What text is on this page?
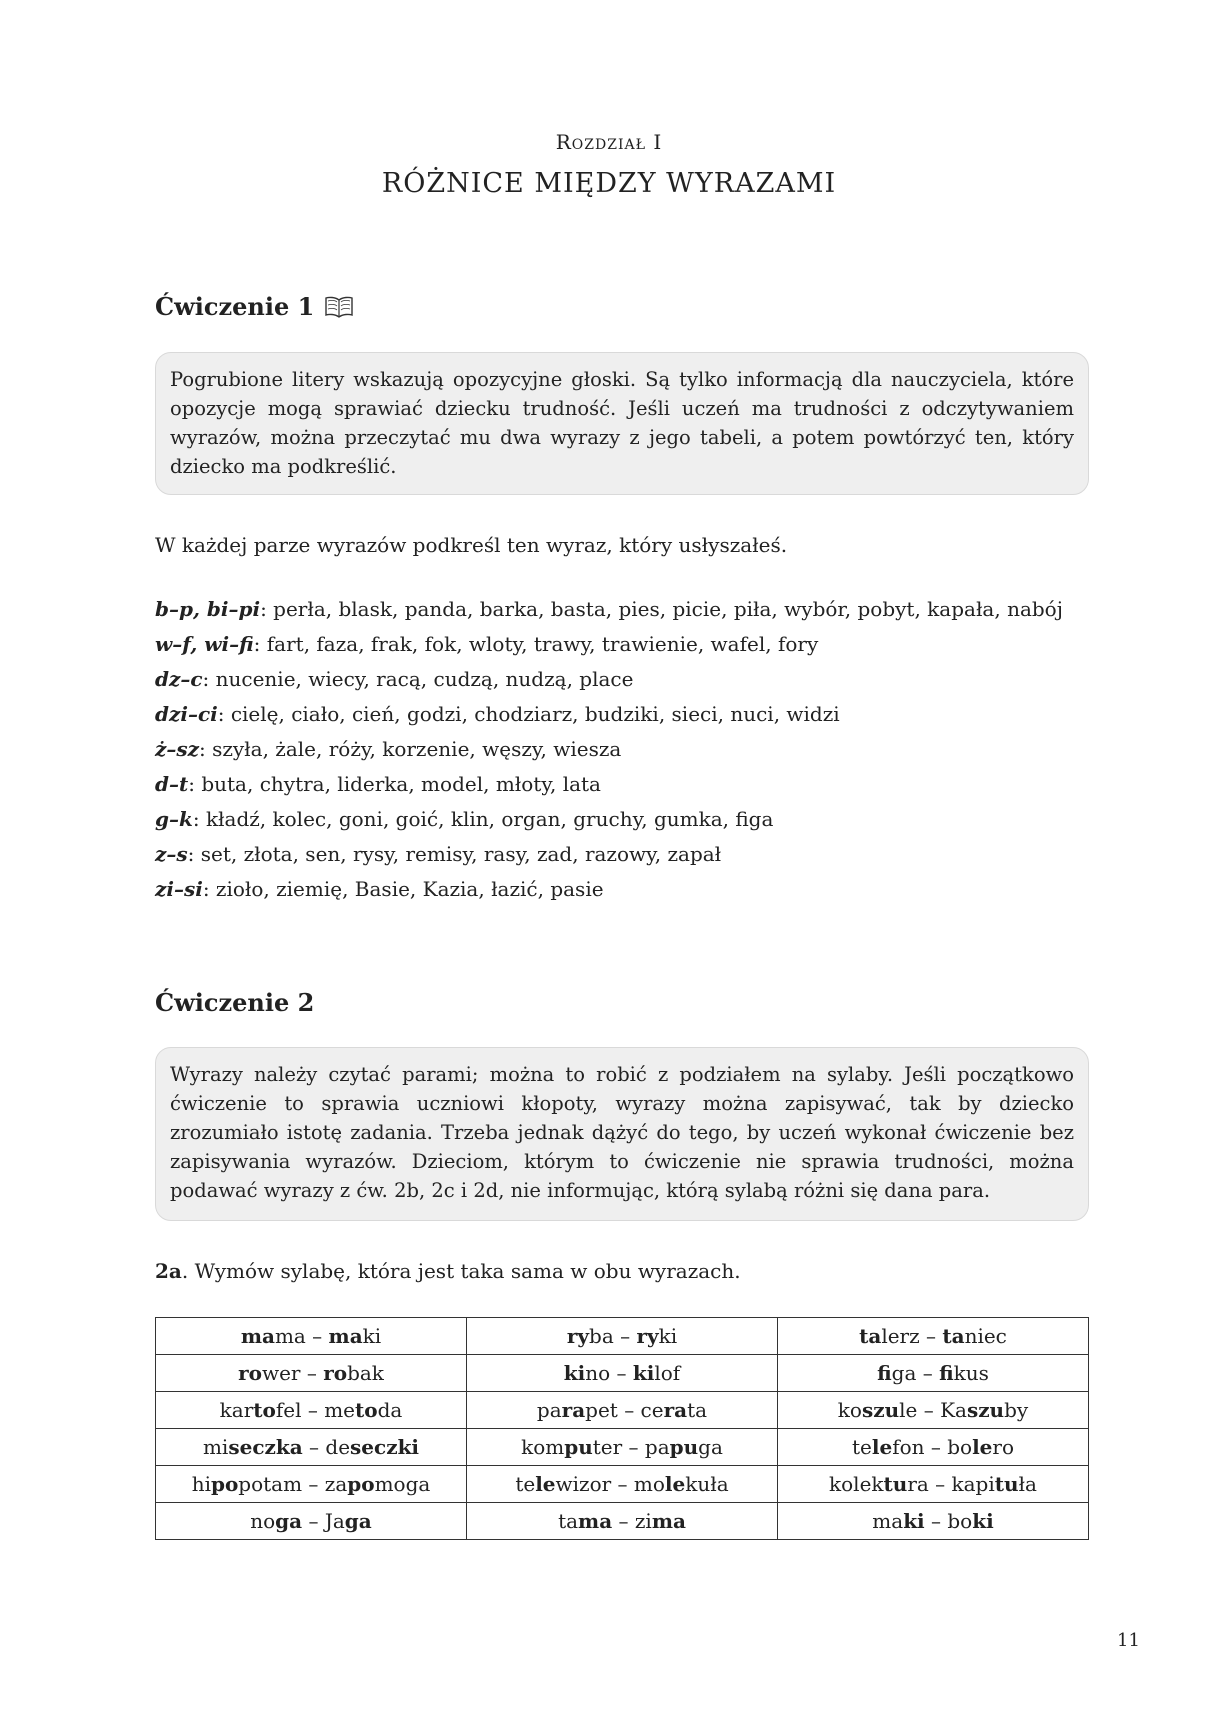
Rozdział I
RÓŻNICE MIĘDZY WYRAZAMI
Ćwiczenie 1
Pogrubione litery wskazują opozycyjne głoski. Są tylko informacją dla nauczyciela, które opozycje mogą sprawiać dziecku trudność. Jeśli uczeń ma trudności z odczytywaniem wyrazów, można przeczytać mu dwa wyrazy z jego tabeli, a potem powtórzyć ten, który dziecko ma podkreślić.
W każdej parze wyrazów podkreśl ten wyraz, który usłyszałeś.
b–p, bi–pi: perła, blask, panda, barka, basta, pies, picie, piła, wybór, pobyt, kapała, nabój
w–f, wi–fi: fart, faza, frak, fok, wloty, trawy, trawienie, wafel, fory
dz–c: nucenie, wiecy, racą, cudzą, nudzą, place
dzi–ci: cielę, ciało, cień, godzi, chodziarz, budziki, sieci, nuci, widzi
ż–sz: szyła, żale, róży, korzenie, węszy, wiesza
d–t: buta, chytra, liderka, model, młoty, lata
g–k: kładź, kolec, goni, goić, klin, organ, gruchy, gumka, figa
z–s: set, złota, sen, rysy, remisy, rasy, zad, razowy, zapał
zi–si: zioło, ziemię, Basie, Kazia, łazić, pasie
Ćwiczenie 2
Wyrazy należy czytać parami; można to robić z podziałem na sylaby. Jeśli początkowo ćwiczenie to sprawia uczniowi kłopoty, wyrazy można zapisywać, tak by dziecko zrozumiało istotę zadania. Trzeba jednak dążyć do tego, by uczeń wykonał ćwiczenie bez zapisywania wyrazów. Dzieciom, którym to ćwiczenie nie sprawia trudności, można podawać wyrazy z ćw. 2b, 2c i 2d, nie informując, którą sylabą różni się dana para.
2a. Wymów sylabę, która jest taka sama w obu wyrazach.
mama – maki	ryba – ryki	talerz – taniec
rower – robak	kino – kilof	figa – fikus
kartofel – metoda	parapet – cerata	koszule – Kaszuby
miseczka – deseczki	komputer – papuga	telefon – bolero
hipopotam – zapomoga	telewizor – molekuła	kolektura – kapituła
noga – Jaga	tama – zima	maki – boki
11
